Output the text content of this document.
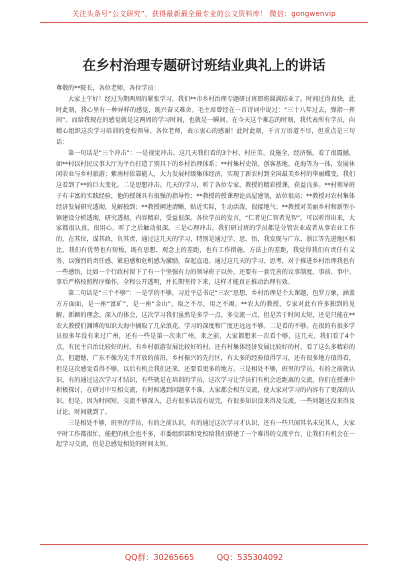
关注头条号“公文研究”，获得最新最全最专业的公文资料库！ 微信：gongwenvip
在乡村治理专题研讨班结业典礼上的讲话

尊敬的**院长，各位老师，各位学员：

大家上午好！经过为期两周的紧张学习，我们**市乡村治理专题研讨班即将圆满结业了。时间过得真快，此时此刻，我心里有一种异样的感觉，既兴奋又难舍。毛主席曾经在一首诗词中说过：“三十八年过去，弹指一挥间”。而给我现在的感觉就是这两周的学习时间，也就是一瞬间。在今天这个难忘的时刻，我代表所有学员，向精心组织这次学习培训的党校领导、各位老师，表示衷心的感谢！此时此刻，千言万语道不尽，但重点是三句话：

第一句话是“三个冲击”：一是视觉冲击。这几天我们看的3个村，村庄美、设施全、经济强，看了很震撼，如**村以村民议事大厅为平台打造了别具下的乡村治理体系；**村集村史馆、创客基地、花海等为一体，发展休闲农业与乡村旅游；紫南村依靠能人，大力发展村级集体经济，实现了新农村到全国最美乡村的华丽蝶变，我们这看到了**的巨大变化。二是思想冲击。几天的学习，听了各位专家、教授的精彩授课，获益良多。**村领导班子有丰富的实践经验，他的授课具有很强的指导性；**教授的授课理论高屋建瓴，站位很高；**教授对农村集体经济发展研究透彻，见解独到；**教授阐述清晰，贴近实际，生动活泼，很接地气；**教授对美丽乡村和新型小镇建设分析透彻，研究透彻，内容精彩，受益很深。各位学员的发言，“仁者见仁智者见智”，可以听得出来，大家都很认真，很用心，听了之后触动很深。三是心理冲击。我们研讨班的学员都是分管农业或者从事农业工作的，在其位，谋其政，负其责，通过这几天的学习，特别是通过学、思、悟，我发现与广东、浙江等先进地区相比，我们有优势也有短板，既有思想、观念上的差距，也有工作措施、方法上的差距，我觉得我们有责任有义务，以强烈的责任感、紧迫感和危机感为激励，奋起直追。通过这几天的学习、思考，对于推进乡村治理我也有一些感悟，比如一个行政村留下了有一个坚强有力的领导班子以外，还要有一套完善的议事制度，事前、事中、事后严格按照程序操作，全程公开透明，并长期坚持下来，这样才能真正推动治理有效。

第二句话是“三个不够”：一是学的不够，习近平总书记“三农”思想、乡村治理是个大课题，包罗万象，涵盖方方面面，是一座“富矿”，是一座“金山”，取之不尽，用之不竭。**农大的教授、专家对此有许多独到的见解、新颖的理念、深入的体会，这次学习我们虽然是多学一点、多交流一点，但是苦于时间太短，还是只能在**农大教授们渊博的知识大海中摘取了几朵浪花，学习的深度和广度还远远不够。二是看的不够。在很的有很多学员很多年没有来过广州，还有一些是第一次来广州，来之前，大家都想来一次看个够，这几天，我们看了4个点，有民主自治比较好的村，有乡村旅游发展比较好的村，还有村集体经济发展比较好的村，看了这么多精彩的点，但遗憾，广东不像为先半开放的前沿，乡村振兴的先行区，有太多的经验值得学习，还有很多地方值得看，但是这次感觉看得不够，以后有机会我们还来，还要看更多的地方。三是相处不够，班里的学员，有的之前就认识，有的通过这次学习才结识，有些就是在培训的学员，这次学习让学员们有机会近距离的交流，你们在授课中积极探讨，在研讨中互相交流，有时候遇到问题拿不准，大家都会相互交流，使大家对学习的内容有了更深的认识。但是，因为时间短，交流不够深入，总有很多话没有说完，有很多知识没来得及交流，一些问题还没来得及讨论，时间就到了。

三是相处不够，班里的学员，有的之前认识，有的通过这次学习才认识，还有一些只闻其名未见其人，大家平时工作都很忙，能把的机会也不多，市委组织部和党校给我们搭建了一个难得的交流平台，让我们有机会在一起学习交流，但是总感觉相处的时间太短。

QQ群：30265665	QQ：535304092
